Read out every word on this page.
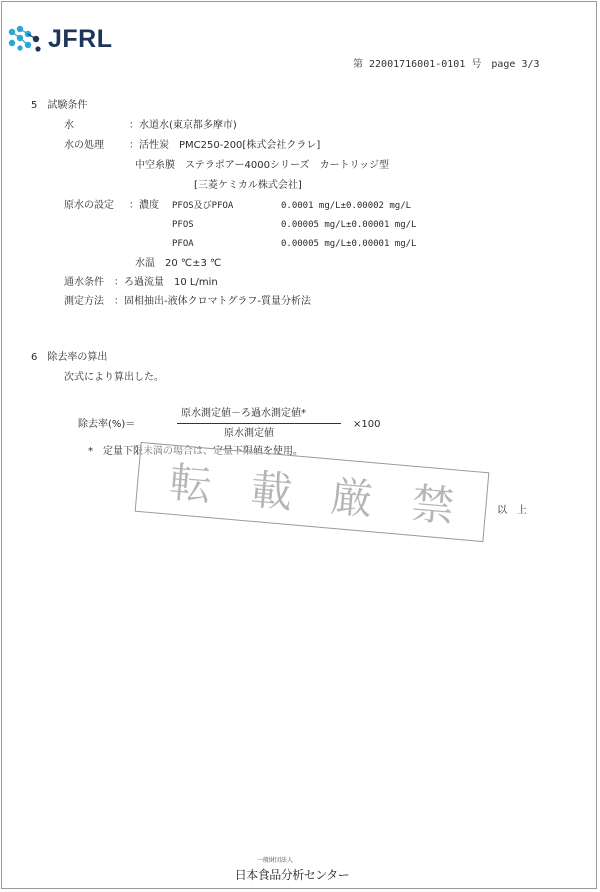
JFRL
第 22001716001-0101 号　page 3/3
5　試験条件
水	：水道水(東京都多摩市)
水の処理	：活性炭　PMC250-200[株式会社クラレ]
中空糸膜　ステラポアー4000シリーズ　カートリッジ型
[三菱ケミカル株式会社]
原水の設定 ：濃度 PFOS及びPFOA	0.0001 mg/L±0.00002 mg/L
PFOS	0.00005 mg/L±0.00001 mg/L
PFOA	0.00005 mg/L±0.00001 mg/L
水温　20 ℃±3 ℃
通水条件 ：ろ過流量　10 L/min
測定方法 ：固相抽出-液体クロマトグラフ-質量分析法
6　除去率の算出
次式により算出した。
除去率(%)＝
原水測定値－ろ過水測定値*
原水測定値
×100
*　定量下限未満の場合は、定量下限値を使用。
転 載 厳 禁	以　上
一般財団法人
日本食品分析センター
